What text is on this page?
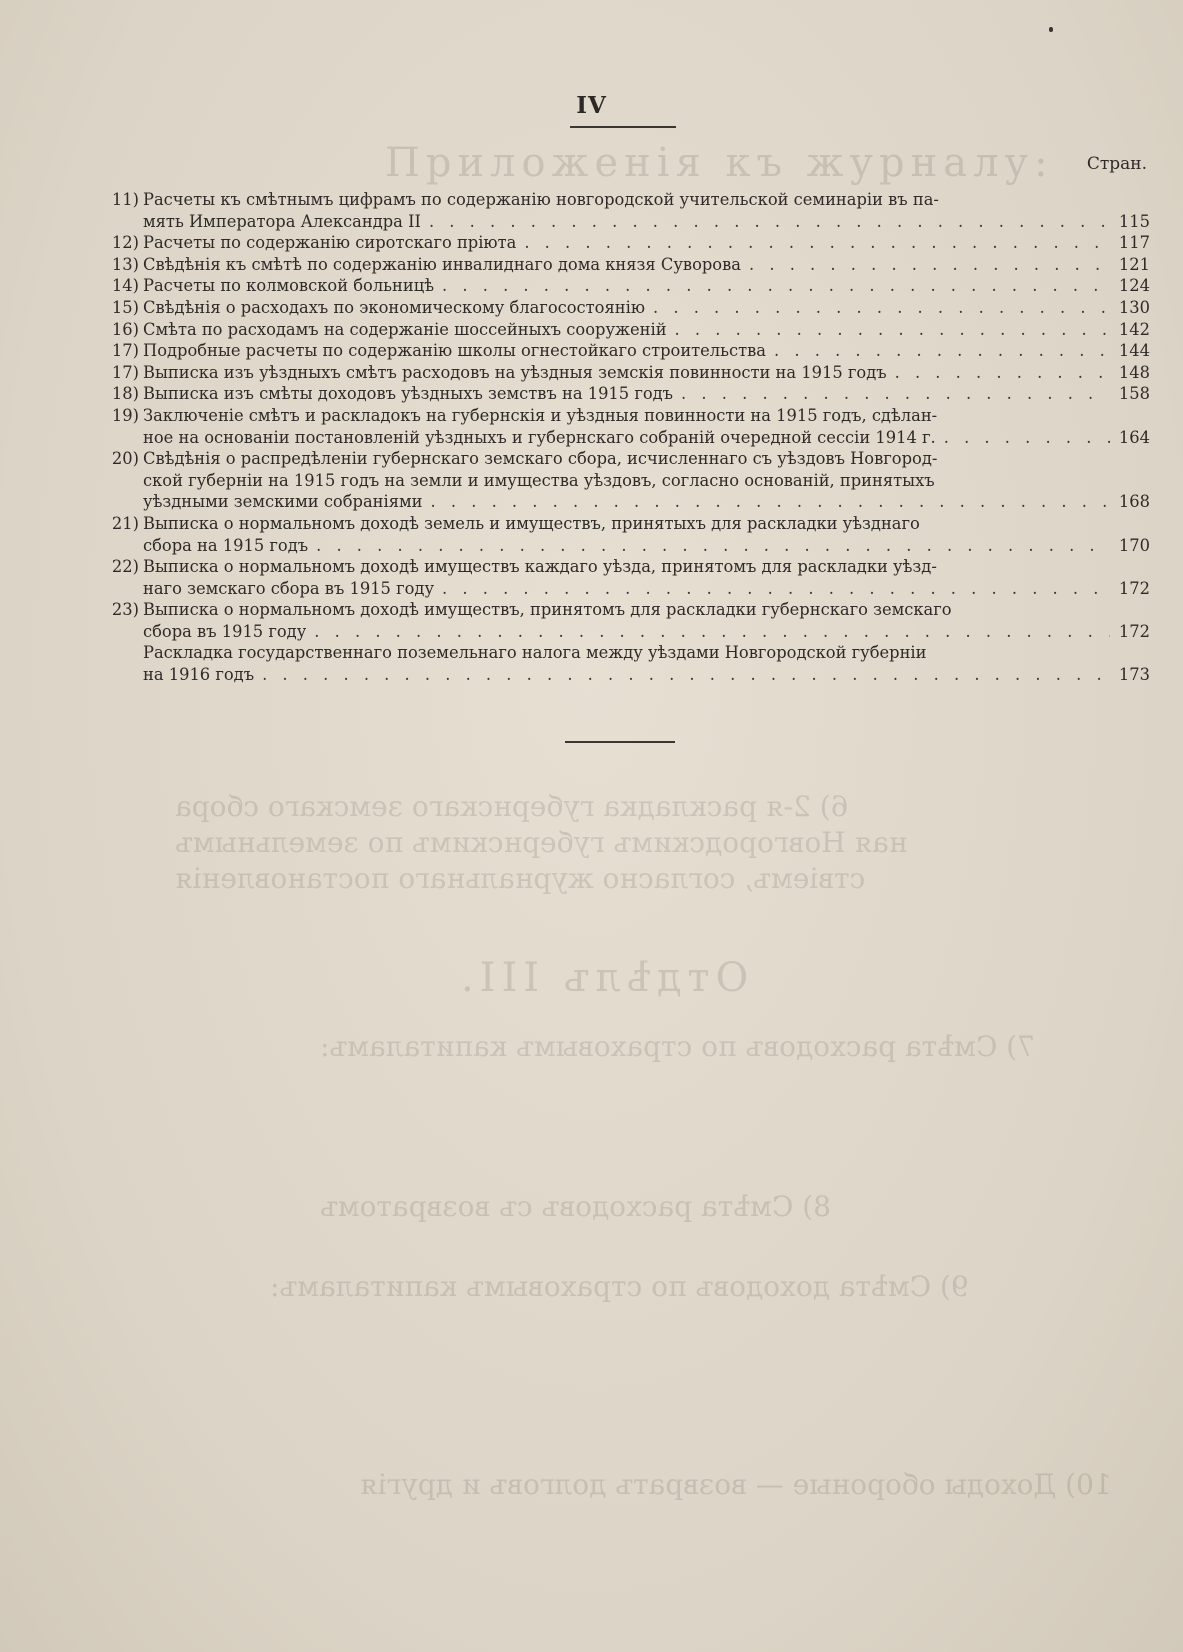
Приложенія къ журналу:
6) 2-я раскладка губернскаго земскаго сбора
ная Новгородскимъ губернскимъ по земельнымъ
ствіемъ, согласно журнальнаго постановленія
Отдѣлъ III.
7) Смѣта расходовъ по страховымъ капиталамъ:
8) Смѣта расходовъ съ возвратомъ
9) Смѣта доходовъ по страховымъ капиталамъ:
10) Доходы обороные — возвратъ долговъ и другія
IV
Стран.
11) Расчеты къ смѣтнымъ цифрамъ по содержанію новгородской учительской семинаріи въ па-
мять Императора Александра II . . .	115
12) Расчеты по содержанію сиротскаго пріюта . . .	117
13) Свѣдѣнія къ смѣтѣ по содержанію инвалиднаго дома князя Суворова . . .	121
14) Расчеты по колмовской больницѣ . . .	124
15) Свѣдѣнія о расходахъ по экономическому благосостоянію . . .	130
16) Смѣта по расходамъ на содержаніе шоссейныхъ сооруженій . . .	142
17) Подробные расчеты по содержанію школы огнестойкаго строительства . . .	144
17) Выписка изъ уѣздныхъ смѣтъ расходовъ на уѣздныя земскія повинности на 1915 годъ . . .	148
18) Выписка изъ смѣты доходовъ уѣздныхъ земствъ на 1915 годъ . . .	158
19) Заключеніе смѣтъ и раскладокъ на губернскія и уѣздныя повинности на 1915 годъ, сдѣлан-
ное на основаніи постановленій уѣздныхъ и губернскаго собраній очередной сессіи 1914 г. . . .	164
20) Свѣдѣнія о распредѣленіи губернскаго земскаго сбора, исчисленнаго съ уѣздовъ Новгород-
ской губерніи на 1915 годъ на земли и имущества уѣздовъ, согласно основаній, принятыхъ
уѣздными земскими собраніями . . .	168
21) Выписка о нормальномъ доходѣ земель и имуществъ, принятыхъ для раскладки уѣзднаго
сбора на 1915 годъ . . .	170
22) Выписка о нормальномъ доходѣ имуществъ каждаго уѣзда, принятомъ для раскладки уѣзд-
наго земскаго сбора въ 1915 году . . .	172
23) Выписка о нормальномъ доходѣ имуществъ, принятомъ для раскладки губернскаго земскаго
сбора въ 1915 году . . .	172
Раскладка государственнаго поземельнаго налога между уѣздами Новгородской губерніи
на 1916 годъ . . .	173
